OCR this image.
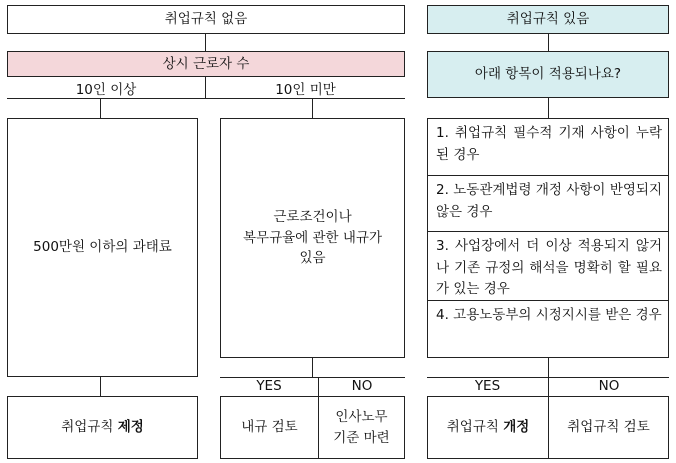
취업규칙 없음
상시 근로자 수
10인 이상	10인 미만
500만원 이하의 과태료
근로조건이나
복무규율에 관한 내규가
있음
YES	NO
취업규칙 제정	내규 검토
인사노무
기준 마련
취업규칙 있음
아래 항목이 적용되나요?
1. 취업규칙 필수적 기재 사항이 누락된 경우
2. 노동관계법령 개정 사항이 반영되지 않은 경우
3. 사업장에서 더 이상 적용되지 않거나 기존 규정의 해석을 명확히 할 필요가 있는 경우
4. 고용노동부의 시정지시를 받은 경우
YES	NO
취업규칙 개정	취업규칙 검토
